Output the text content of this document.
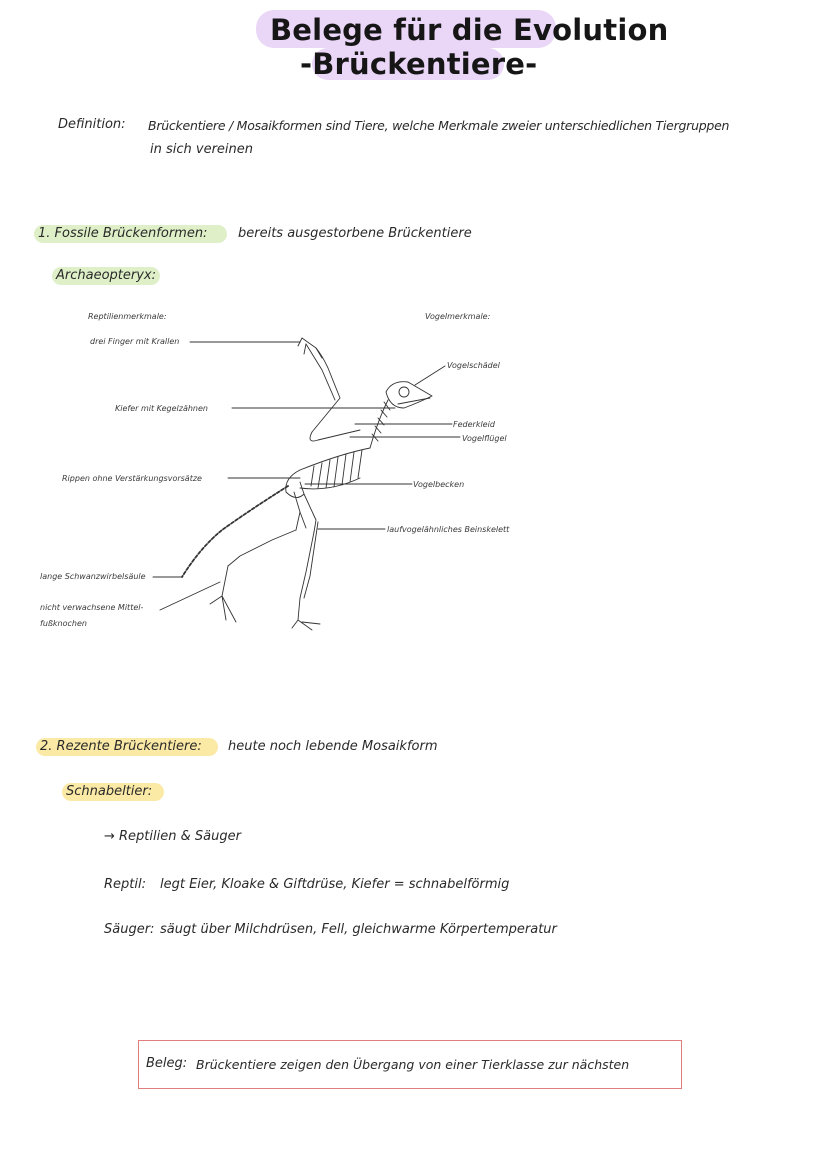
Belege für die Evolution
-Brückentiere-
Definition: Brückentiere / Mosaikformen sind Tiere, welche Merkmale zweier unterschiedlichen Tiergruppen
in sich vereinen
1. Fossile Brückenformen: bereits ausgestorbene Brückentiere
Archaeopteryx:
Reptilienmerkmale:	Vogelmerkmale:
drei Finger mit Krallen
Kiefer mit Kegelzähnen
Rippen ohne Verstärkungsvorsätze
lange Schwanzwirbelsäule
nicht verwachsene Mittel-
fußknochen
Vogelschädel
Federkleid
Vogelflügel
Vogelbecken
laufvogelähnliches Beinskelett
2. Rezente Brückentiere: heute noch lebende Mosaikform
Schnabeltier:
→ Reptilien & Säuger
Reptil: legt Eier, Kloake & Giftdrüse, Kiefer = schnabelförmig
Säuger: säugt über Milchdrüsen, Fell, gleichwarme Körpertemperatur
Beleg: Brückentiere zeigen den Übergang von einer Tierklasse zur nächsten
